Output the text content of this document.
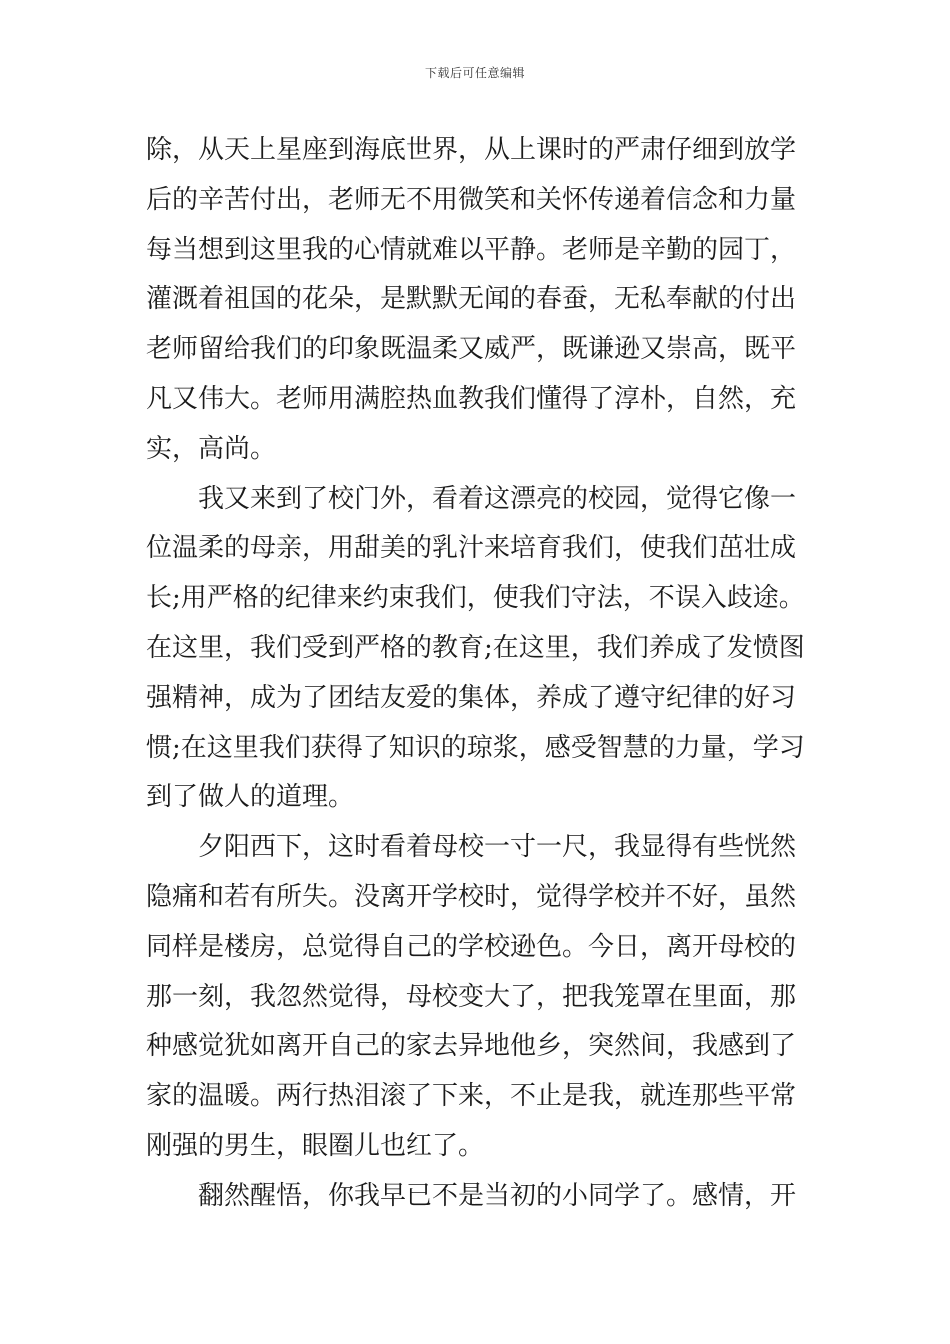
下载后可任意编辑
除，从天上星座到海底世界，从上课时的严肃仔细到放学
后的辛苦付出，老师无不用微笑和关怀传递着信念和力量
每当想到这里我的心情就难以平静。老师是辛勤的园丁，
灌溉着祖国的花朵，是默默无闻的春蚕，无私奉献的付出
老师留给我们的印象既温柔又威严，既谦逊又崇高，既平
凡又伟大。老师用满腔热血教我们懂得了淳朴，自然，充
实，高尚。
我又来到了校门外，看着这漂亮的校园，觉得它像一
位温柔的母亲，用甜美的乳汁来培育我们，使我们茁壮成
长;用严格的纪律来约束我们，使我们守法，不误入歧途。
在这里，我们受到严格的教育;在这里，我们养成了发愤图
强精神，成为了团结友爱的集体，养成了遵守纪律的好习
惯;在这里我们获得了知识的琼浆，感受智慧的力量，学习
到了做人的道理。
夕阳西下，这时看着母校一寸一尺，我显得有些恍然
隐痛和若有所失。没离开学校时，觉得学校并不好，虽然
同样是楼房，总觉得自己的学校逊色。今日，离开母校的
那一刻，我忽然觉得，母校变大了，把我笼罩在里面，那
种感觉犹如离开自己的家去异地他乡，突然间，我感到了
家的温暖。两行热泪滚了下来，不止是我，就连那些平常
刚强的男生，眼圈儿也红了。
翻然醒悟，你我早已不是当初的小同学了。感情，开
